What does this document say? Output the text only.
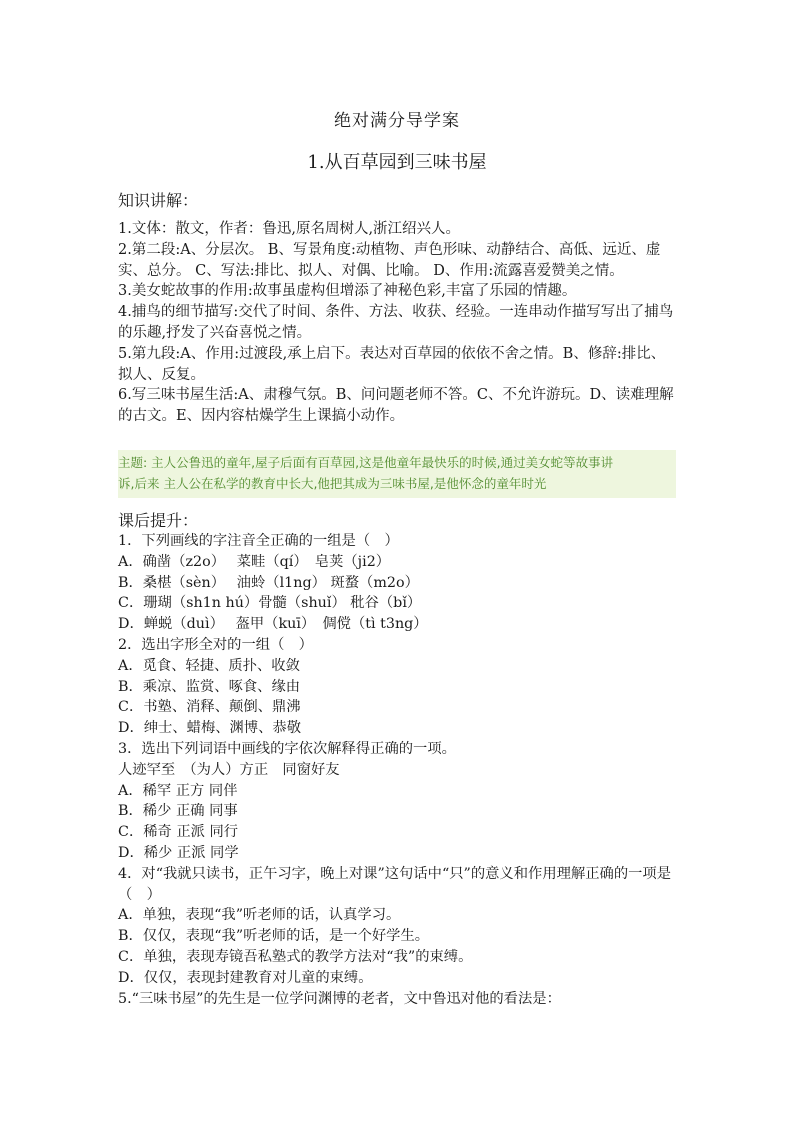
绝对满分导学案
1.从百草园到三味书屋
知识讲解：

1.文体：散文，作者：鲁迅,原名周树人,浙江绍兴人。

2.第二段:A、分层次。 B、写景角度:动植物、声色形味、动静结合、高低、远近、虚实、总分。 C、写法:排比、拟人、对偶、比喻。 D、作用:流露喜爱赞美之情。

3.美女蛇故事的作用:故事虽虚构但增添了神秘色彩,丰富了乐园的情趣。

4.捕鸟的细节描写:交代了时间、条件、方法、收获、经验。一连串动作描写写出了捕鸟的乐趣,抒发了兴奋喜悦之情。

5.第九段:A、作用:过渡段,承上启下。表达对百草园的依依不舍之情。B、修辞:排比、拟人、反复。

6.写三味书屋生活:A、肃穆气氛。B、问问题老师不答。C、不允许游玩。D、读难理解的古文。E、因内容枯燥学生上课搞小动作。

主题: 主人公鲁迅的童年,屋子后面有百草园,这是他童年最快乐的时候,通过美女蛇等故事讲

诉,后来 主人公在私学的教育中长大,他把其成为三味书屋,是他怀念的童年时光

课后提升：

1．下列画线的字注音全正确的一组是（　）

A．确凿（z2o）　 菜畦（qí）　皂荚（ji2）

B．桑椹（sèn）　 油蛉（l1ng） 斑蝥（m2o）

C．珊瑚（sh1n hú）骨髓（shuǐ） 秕谷（bǐ）

D．蝉蜕（duì）　 盔甲（kuī）　倜傥（tì t3ng）

2．选出字形全对的一组（　）

A．觅食、轻捷、质扑、收敛

B．乘凉、监赏、啄食、缘由

C．书塾、消释、颠倒、鼎沸

D．绅士、蜡梅、渊博、恭敬

3．选出下列词语中画线的字依次解释得正确的一项。

人迹罕至　（为人）方正　同窗好友

A．稀罕 正方 同伴

B．稀少 正确 同事

C．稀奇 正派 同行

D．稀少 正派 同学

4．对“我就只读书，正午习字，晚上对课”这句话中“只”的意义和作用理解正确的一项是（　）

A．单独，表现“我”听老师的话，认真学习。

B．仅仅，表现“我”听老师的话，是一个好学生。

C．单独，表现寿镜吾私塾式的教学方法对“我”的束缚。

D．仅仅，表现封建教育对儿童的束缚。

5.“三味书屋”的先生是一位学问渊博的老者，文中鲁迅对他的看法是：
